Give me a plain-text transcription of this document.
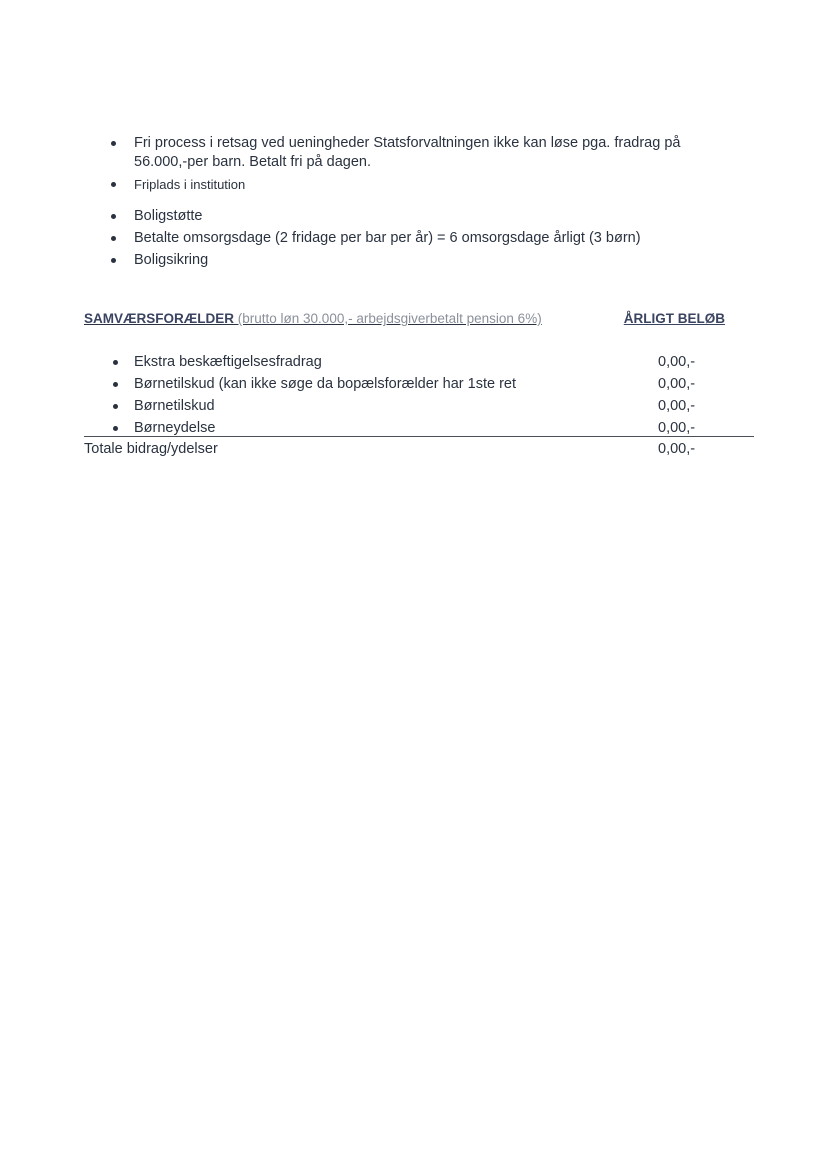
Fri process i retsag ved ueningheder Statsforvaltningen ikke kan løse pga. fradrag på
56.000,-per barn. Betalt fri på dagen.
Friplads i institution
Boligstøtte
Betalte omsorgsdage (2 fridage per bar per år) = 6 omsorgsdage årligt (3 børn)
Boligsikring
SAMVÆRSFORÆLDER (brutto løn 30.000,- arbejdsgiverbetalt pension 6%)	ÅRLIGT BELØB
Ekstra beskæftigelsesfradrag	0,00,-
Børnetilskud (kan ikke søge da bopælsforælder har 1ste ret	0,00,-
Børnetilskud	0,00,-
Børneydelse	0,00,-
Totale bidrag/ydelser	0,00,-
